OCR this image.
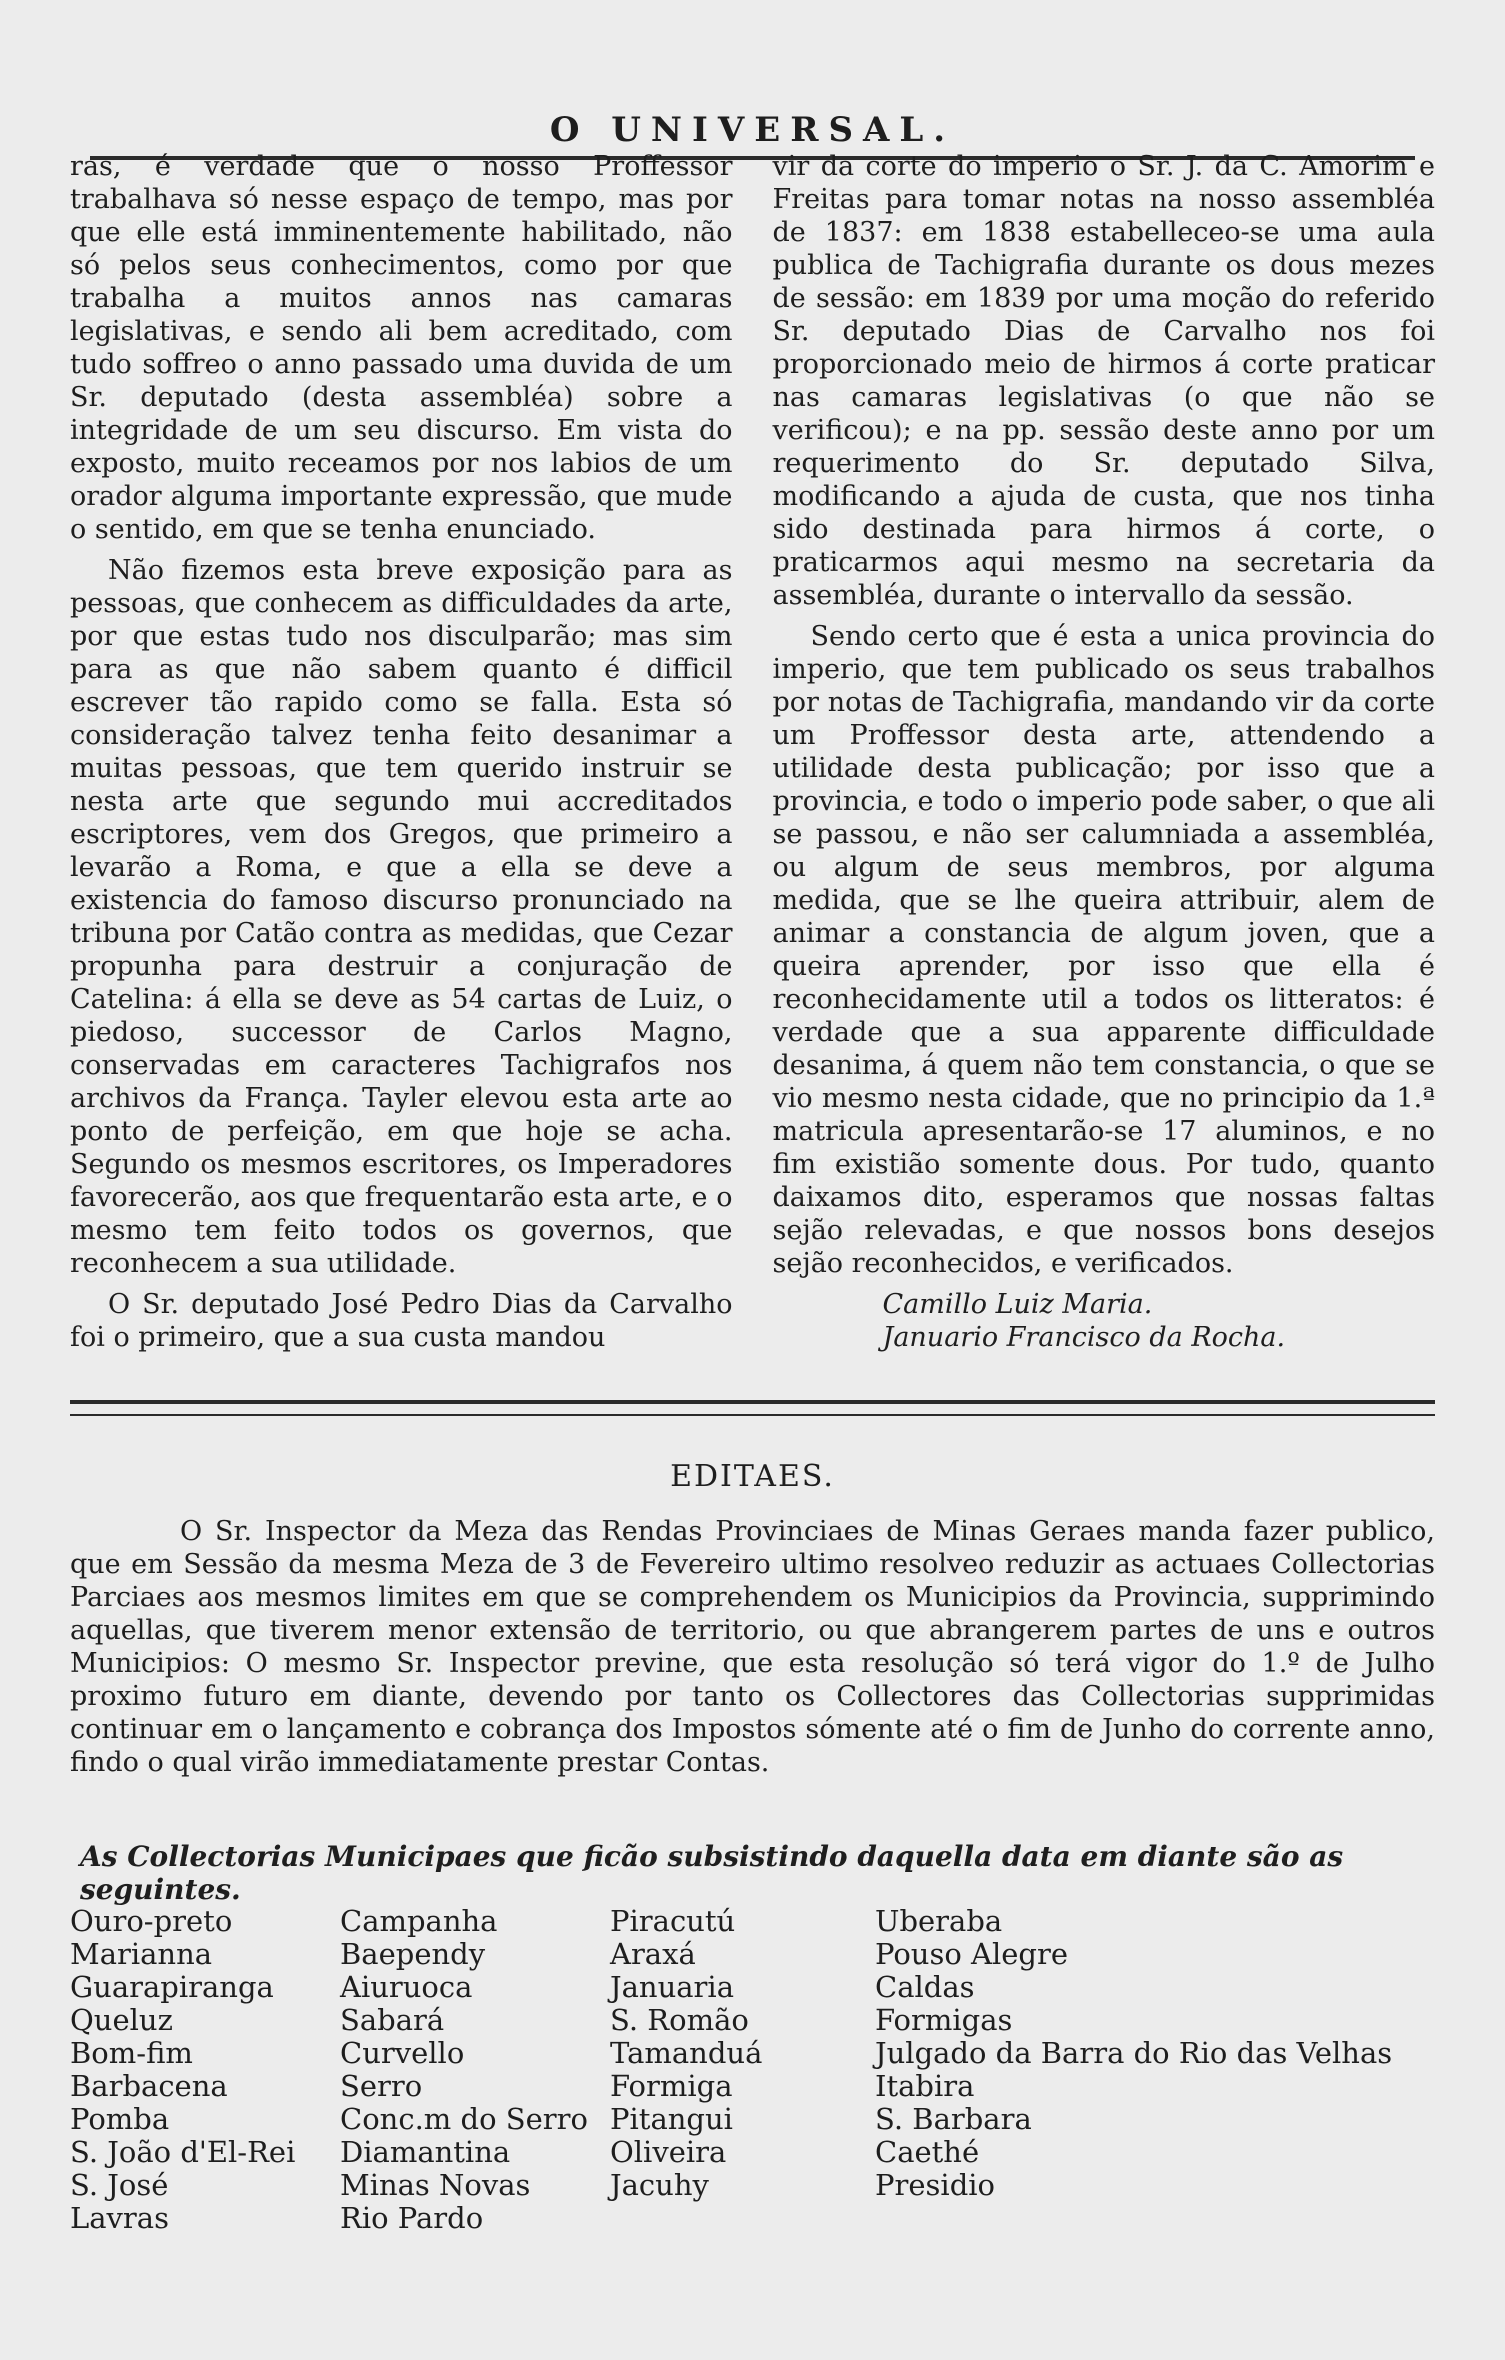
O UNIVERSAL.

ras, é verdade que o nosso Proffessor trabalhava só nesse espaço de tempo, mas por que elle está imminentemente habilitado, não só pelos seus conhecimentos, como por que trabalha a muitos annos nas camaras legislativas, e sendo ali bem acreditado, com tudo soffreo o anno passado uma duvida de um Sr. deputado (desta assembléa) sobre a integridade de um seu discurso. Em vista do exposto, muito receamos por nos labios de um orador alguma importante expressão, que mude o sentido, em que se tenha enunciado.

Não fizemos esta breve exposição para as pessoas, que conhecem as difficuldades da arte, por que estas tudo nos disculparão; mas sim para as que não sabem quanto é difficil escrever tão rapido como se falla. Esta só consideração talvez tenha feito desanimar a muitas pessoas, que tem querido instruir se nesta arte que segundo mui accreditados escriptores, vem dos Gregos, que primeiro a levarão a Roma, e que a ella se deve a existencia do famoso discurso pronunciado na tribuna por Catão contra as medidas, que Cezar propunha para destruir a conjuração de Catelina: á ella se deve as 54 cartas de Luiz, o piedoso, successor de Carlos Magno, conservadas em caracteres Tachigrafos nos archivos da França. Tayler elevou esta arte ao ponto de perfeição, em que hoje se acha. Segundo os mesmos escritores, os Imperadores favorecerão, aos que frequentarão esta arte, e o mesmo tem feito todos os governos, que reconhecem a sua utilidade.

O Sr. deputado José Pedro Dias da Carvalho foi o primeiro, que a sua custa mandou

vir da corte do imperio o Sr. J. da C. Amorim e Freitas para tomar notas na nosso assembléa de 1837: em 1838 estabelleceo-se uma aula publica de Tachigrafia durante os dous mezes de sessão: em 1839 por uma moção do referido Sr. deputado Dias de Carvalho nos foi proporcionado meio de hirmos á corte praticar nas camaras legislativas (o que não se verificou); e na pp. sessão deste anno por um requerimento do Sr. deputado Silva, modificando a ajuda de custa, que nos tinha sido destinada para hirmos á corte, o praticarmos aqui mesmo na secretaria da assembléa, durante o intervallo da sessão.

Sendo certo que é esta a unica provincia do imperio, que tem publicado os seus trabalhos por notas de Tachigrafia, mandando vir da corte um Proffessor desta arte, attendendo a utilidade desta publicação; por isso que a provincia, e todo o imperio pode saber, o que ali se passou, e não ser calumniada a assembléa, ou algum de seus membros, por alguma medida, que se lhe queira attribuir, alem de animar a constancia de algum joven, que a queira aprender, por isso que ella é reconhecidamente util a todos os litteratos: é verdade que a sua apparente difficuldade desanima, á quem não tem constancia, o que se vio mesmo nesta cidade, que no principio da 1.ª matricula apresentarão-se 17 aluminos, e no fim existião somente dous. Por tudo, quanto daixamos dito, esperamos que nossas faltas sejão relevadas, e que nossos bons desejos sejão reconhecidos, e verificados.

Camillo Luiz Maria.
Januario Francisco da Rocha.
EDITAES.

O Sr. Inspector da Meza das Rendas Provinciaes de Minas Geraes manda fazer publico, que em Sessão da mesma Meza de 3 de Fevereiro ultimo resolveo reduzir as actuaes Collectorias Parciaes aos mesmos limites em que se comprehendem os Municipios da Provincia, supprimindo aquellas, que tiverem menor extensão de territorio, ou que abrangerem partes de uns e outros Municipios: O mesmo Sr. Inspector previne, que esta resolução só terá vigor do 1.º de Julho proximo futuro em diante, devendo por tanto os Collectores das Collectorias supprimidas continuar em o lançamento e cobrança dos Impostos sómente até o fim de Junho do corrente anno, findo o qual virão immediatamente prestar Contas.

As Collectorias Municipaes que ficão subsistindo daquella data em diante são as seguintes.
Ouro-preto
Marianna
Guarapiranga
Queluz
Bom-fim
Barbacena
Pomba
S. João d'El-Rei
S. José
Lavras
Campanha
Baependy
Aiuruoca
Sabará
Curvello
Serro
Conc.m do Serro
Diamantina
Minas Novas
Rio Pardo
Piracutú
Araxá
Januaria
S. Romão
Tamanduá
Formiga
Pitangui
Oliveira
Jacuhy
Uberaba
Pouso Alegre
Caldas
Formigas
Julgado da Barra do Rio das Velhas
Itabira
S. Barbara
Caethé
Presidio
